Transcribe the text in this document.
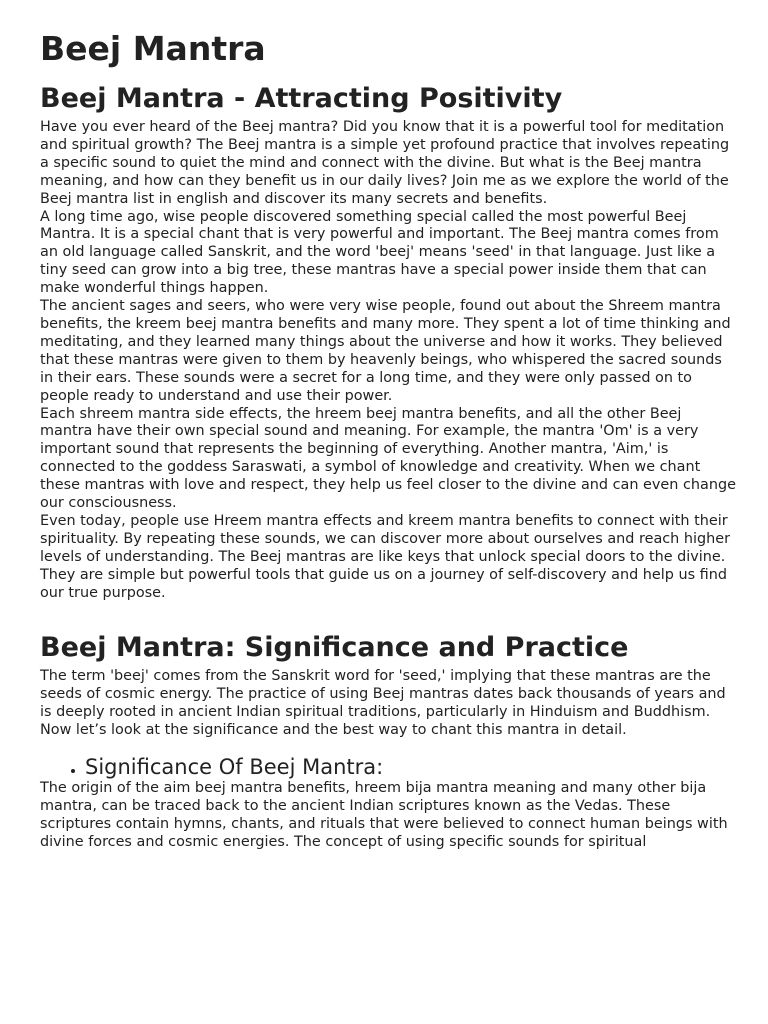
Beej Mantra
Beej Mantra - Attracting Positivity

Have you ever heard of the Beej mantra? Did you know that it is a powerful tool for meditation and spiritual growth? The Beej mantra is a simple yet profound practice that involves repeating a specific sound to quiet the mind and connect with the divine. But what is the Beej mantra meaning, and how can they benefit us in our daily lives? Join me as we explore the world of the Beej mantra list in english and discover its many secrets and benefits.

A long time ago, wise people discovered something special called the most powerful Beej Mantra. It is a special chant that is very powerful and important. The Beej mantra comes from an old language called Sanskrit, and the word 'beej' means 'seed' in that language. Just like a tiny seed can grow into a big tree, these mantras have a special power inside them that can make wonderful things happen.

The ancient sages and seers, who were very wise people, found out about the Shreem mantra benefits, the kreem beej mantra benefits and many more. They spent a lot of time thinking and meditating, and they learned many things about the universe and how it works. They believed that these mantras were given to them by heavenly beings, who whispered the sacred sounds in their ears. These sounds were a secret for a long time, and they were only passed on to people ready to understand and use their power.

Each shreem mantra side effects, the hreem beej mantra benefits, and all the other Beej mantra have their own special sound and meaning. For example, the mantra 'Om' is a very important sound that represents the beginning of everything. Another mantra, 'Aim,' is connected to the goddess Saraswati, a symbol of knowledge and creativity. When we chant these mantras with love and respect, they help us feel closer to the divine and can even change our consciousness.

Even today, people use Hreem mantra effects and kreem mantra benefits to connect with their spirituality. By repeating these sounds, we can discover more about ourselves and reach higher levels of understanding. The Beej mantras are like keys that unlock special doors to the divine. They are simple but powerful tools that guide us on a journey of self-discovery and help us find our true purpose.

Beej Mantra: Significance and Practice

The term 'beej' comes from the Sanskrit word for 'seed,' implying that these mantras are the seeds of cosmic energy. The practice of using Beej mantras dates back thousands of years and is deeply rooted in ancient Indian spiritual traditions, particularly in Hinduism and Buddhism. Now let’s look at the significance and the best way to chant this mantra in detail.

• Significance Of Beej Mantra:

The origin of the aim beej mantra benefits, hreem bija mantra meaning and many other bija mantra, can be traced back to the ancient Indian scriptures known as the Vedas. These scriptures contain hymns, chants, and rituals that were believed to connect human beings with divine forces and cosmic energies. The concept of using specific sounds for spiritual
